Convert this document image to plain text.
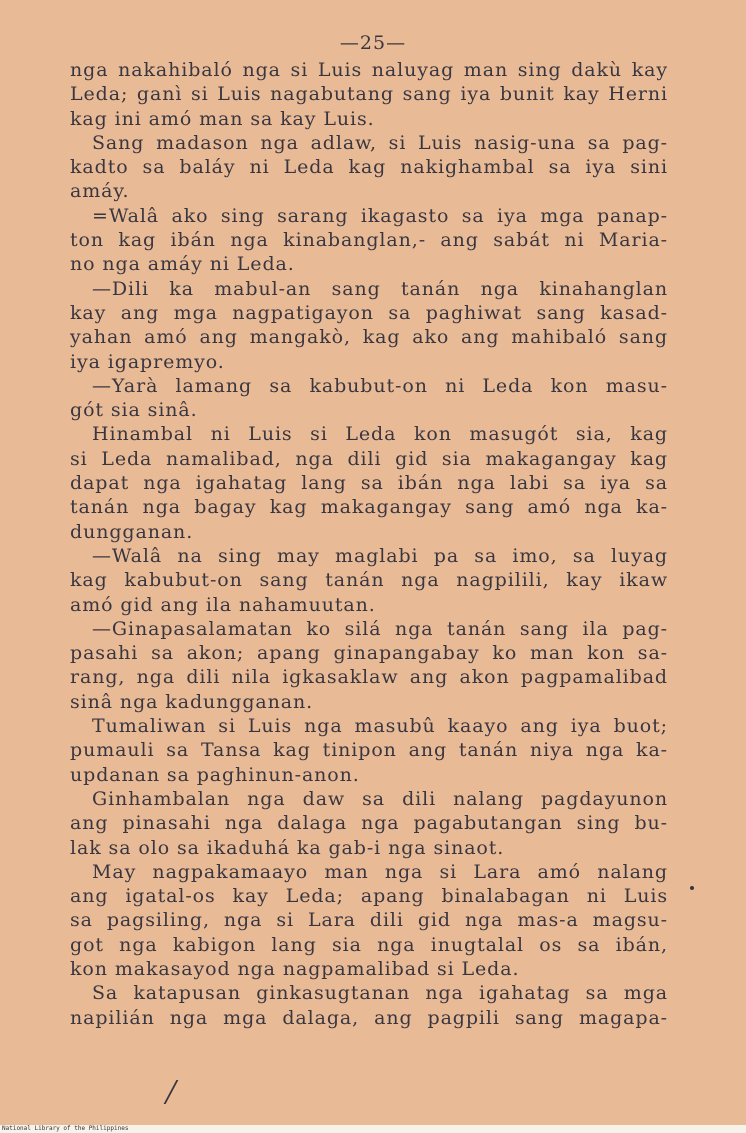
—25—
nga nakahibaló nga si Luis naluyag man sing dakù kay
Leda; ganì si Luis nagabutang sang iya bunit kay Herni
kag ini amó man sa kay Luis.
Sang madason nga adlaw, si Luis nasig-una sa pag-
kadto sa baláy ni Leda kag nakighambal sa iya sini
amáy.
=Walâ ako sing sarang ikagasto sa iya mga panap-
ton kag ibán nga kinabanglan,- ang sabát ni Maria-
no nga amáy ni Leda.
—Dili ka mabul-an sang tanán nga kinahanglan
kay ang mga nagpatigayon sa paghiwat sang kasad-
yahan amó ang mangakò, kag ako ang mahibaló sang
iya igapremyo.
—Yarà lamang sa kabubut-on ni Leda kon masu-
gót sia sinâ.
Hinambal ni Luis si Leda kon masugót sia, kag
si Leda namalibad, nga dili gid sia makagangay kag
dapat nga igahatag lang sa ibán nga labi sa iya sa
tanán nga bagay kag makagangay sang amó nga ka-
dungganan.
—Walâ na sing may maglabi pa sa imo, sa luyag
kag kabubut-on sang tanán nga nagpilili, kay ikaw
amó gid ang ila nahamuutan.
—Ginapasalamatan ko silá nga tanán sang ila pag-
pasahi sa akon; apang ginapangabay ko man kon sa-
rang, nga dili nila igkasaklaw ang akon pagpamalibad
sinâ nga kadungganan.
Tumaliwan si Luis nga masubû kaayo ang iya buot;
pumauli sa Tansa kag tinipon ang tanán niya nga ka-
updanan sa paghinun-anon.
Ginhambalan nga daw sa dili nalang pagdayunon
ang pinasahi nga dalaga nga pagabutangan sing bu-
lak sa olo sa ikaduhá ka gab-i nga sinaot.
May nagpakamaayo man nga si Lara amó nalang
ang igatal-os kay Leda; apang binalabagan ni Luis
sa pagsiling, nga si Lara dili gid nga mas-a magsu-
got nga kabigon lang sia nga inugtalal os sa ibán,
kon makasayod nga nagpamalibad si Leda.
Sa katapusan ginkasugtanan nga igahatag sa mga
napilián nga mga dalaga, ang pagpili sang magapa-
National Library of the Philippines
